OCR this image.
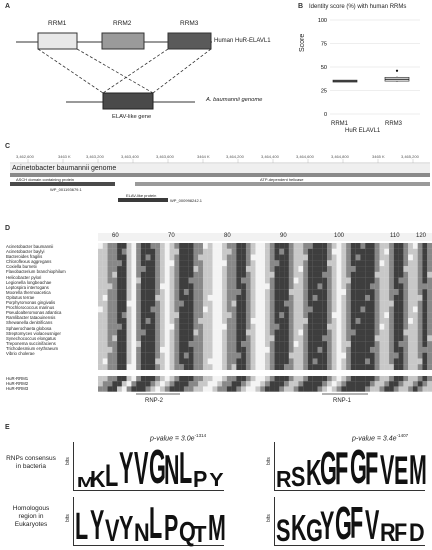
A
RRM1	RRM2	RRM3
Human HuR-ELAVL1
ELAV-like gene
A. baumannii genome
B Identity score (%) with human RRMs
0
25
50
75
100
Score
RRM1	RRM3
HuR ELAVL1
C
3,462,600	3463 K	3,463,200	3,463,400	3,463,600	3464 K	3,464,200	3,464,400	3,464,600	3,464,800	3465 K	3,465,200
Acinetobacter baumannii genome
ASCH domain containing protein
WP_001193679.1
ATP-dependent helicase
ELAV-like protein
WP_000998242.1
D
60	70	80	90	100	110	120
Acinetobacter baumannii
Acinetobacter baylyi
Bacteroides fragilis
Chloroflexus aggregans
Coxiella burnetii
Flavobacterium branchiophilum
Helicobacter pylori
Legionella longbeachae
Leptospira interrogans
Moorella thermoacetica
Opitutus terrae
Porphyromonas gingivalis
Prochlorococcus marinus
Pseudoalteromonas atlantica
Ramlibacter tataouinensis
Shewanella denitrificans
Sphaerochaeta globosa
Streptomyces violaceusniger
Synechococcus elongatus
Treponema succinifaciens
Trichodesmium erythraeum
Vibrio cholerae
HuR-RRM1
HuR-RRM2
HuR-RRM3
RNP-2	RNP-1
E
p-value = $3.0e^{-1314}$	p-value = $3.4e^{-1407}$
RNPs consensus in bacteria
Homologous region in Eukaryotes
bits	bits
bits	bits
M
K L Y V G
N L P Y R S K G
F G
F V E M
L Y V Y N L P Q
T M S K G
Y G
F V R F D
